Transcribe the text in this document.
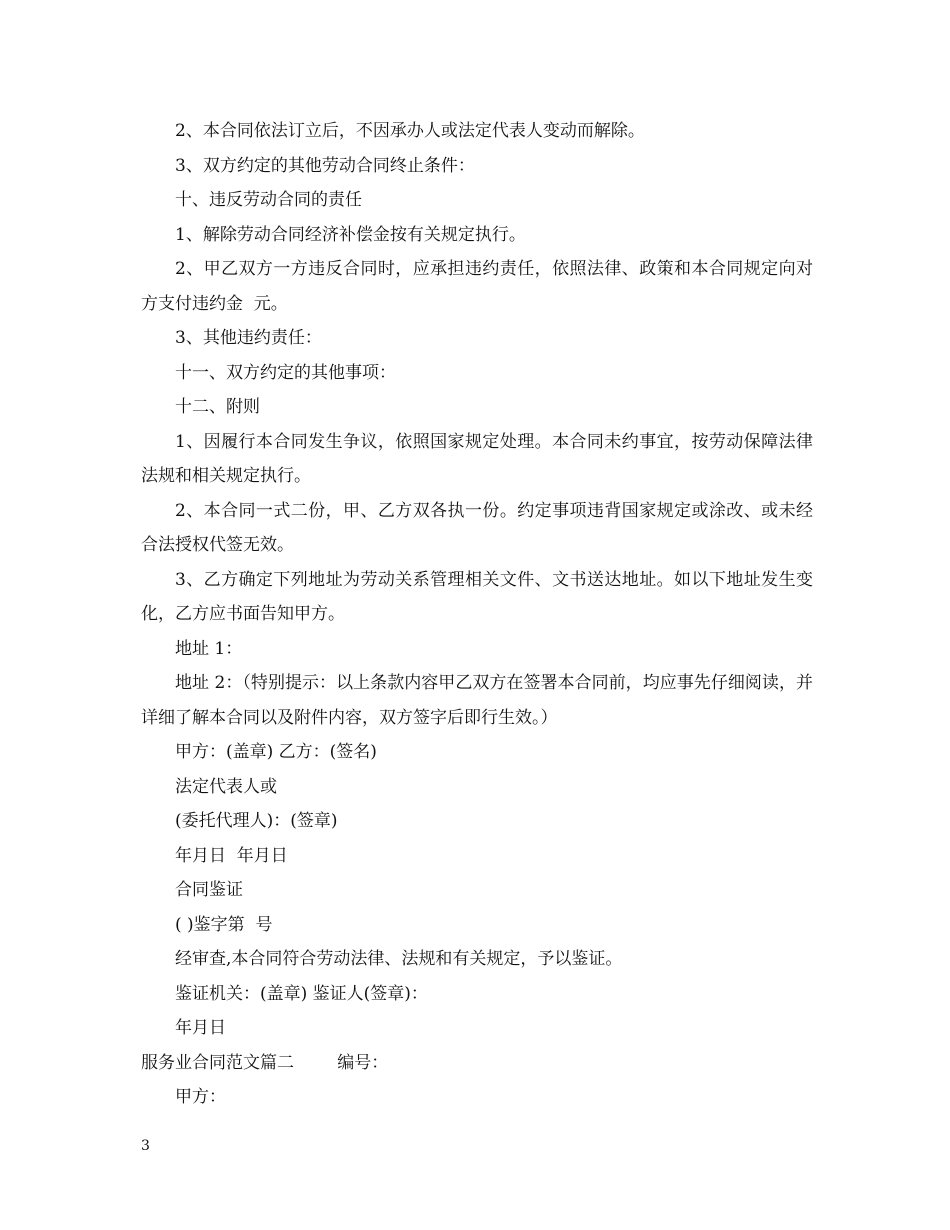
2、本合同依法订立后，不因承办人或法定代表人变动而解除。

3、双方约定的其他劳动合同终止条件：

十、违反劳动合同的责任

1、解除劳动合同经济补偿金按有关规定执行。

2、甲乙双方一方违反合同时，应承担违约责任，依照法律、政策和本合同规定向对方支付违约金  元。

3、其他违约责任：

十一、双方约定的其他事项：

十二、附则

1、因履行本合同发生争议，依照国家规定处理。本合同未约事宜，按劳动保障法律法规和相关规定执行。

2、本合同一式二份，甲、乙方双各执一份。约定事项违背国家规定或涂改、或未经合法授权代签无效。

3、乙方确定下列地址为劳动关系管理相关文件、文书送达地址。如以下地址发生变化，乙方应书面告知甲方。

地址 1：

地址 2：（特别提示：以上条款内容甲乙双方在签署本合同前，均应事先仔细阅读，并详细了解本合同以及附件内容，双方签字后即行生效。）

甲方：(盖章) 乙方：(签名)

法定代表人或

(委托代理人)：(签章)

年月日  年月日

合同鉴证

( )鉴字第  号

经审查,本合同符合劳动法律、法规和有关规定，予以鉴证。

鉴证机关：(盖章) 鉴证人(签章)：

年月日

服务业合同范文篇二        编号：

甲方：

3
